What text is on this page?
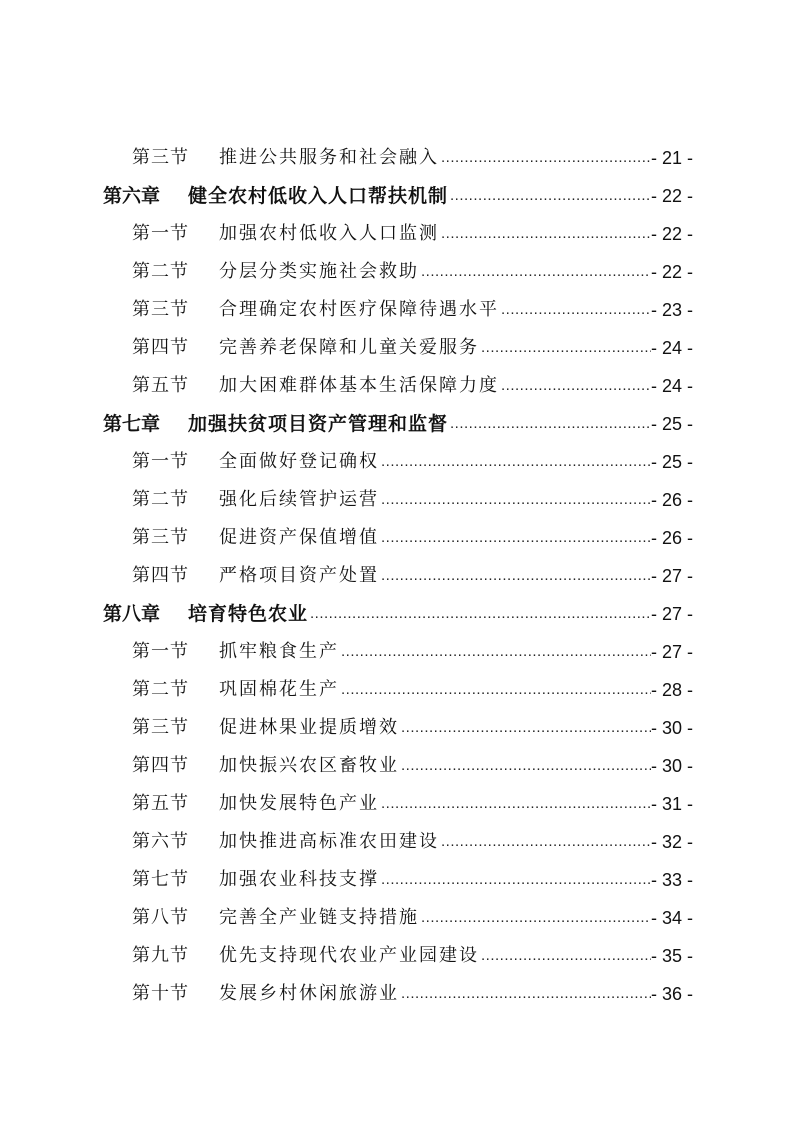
第三节	推进公共服务和社会融入 .....	- 21 -
第六章	健全农村低收入人口帮扶机制 .....	- 22 -
第一节	加强农村低收入人口监测 .....	- 22 -
第二节	分层分类实施社会救助 .....	- 22 -
第三节	合理确定农村医疗保障待遇水平 .....	- 23 -
第四节	完善养老保障和儿童关爱服务 .....	- 24 -
第五节	加大困难群体基本生活保障力度 .....	- 24 -
第七章	加强扶贫项目资产管理和监督 .....	- 25 -
第一节	全面做好登记确权 .....	- 25 -
第二节	强化后续管护运营 .....	- 26 -
第三节	促进资产保值增值 .....	- 26 -
第四节	严格项目资产处置 .....	- 27 -
第八章	培育特色农业 .....	- 27 -
第一节	抓牢粮食生产 .....	- 27 -
第二节	巩固棉花生产 .....	- 28 -
第三节	促进林果业提质增效 .....	- 30 -
第四节	加快振兴农区畜牧业 .....	- 30 -
第五节	加快发展特色产业 .....	- 31 -
第六节	加快推进高标准农田建设 .....	- 32 -
第七节	加强农业科技支撑 .....	- 33 -
第八节	完善全产业链支持措施 .....	- 34 -
第九节	优先支持现代农业产业园建设 .....	- 35 -
第十节	发展乡村休闲旅游业 .....	- 36 -
